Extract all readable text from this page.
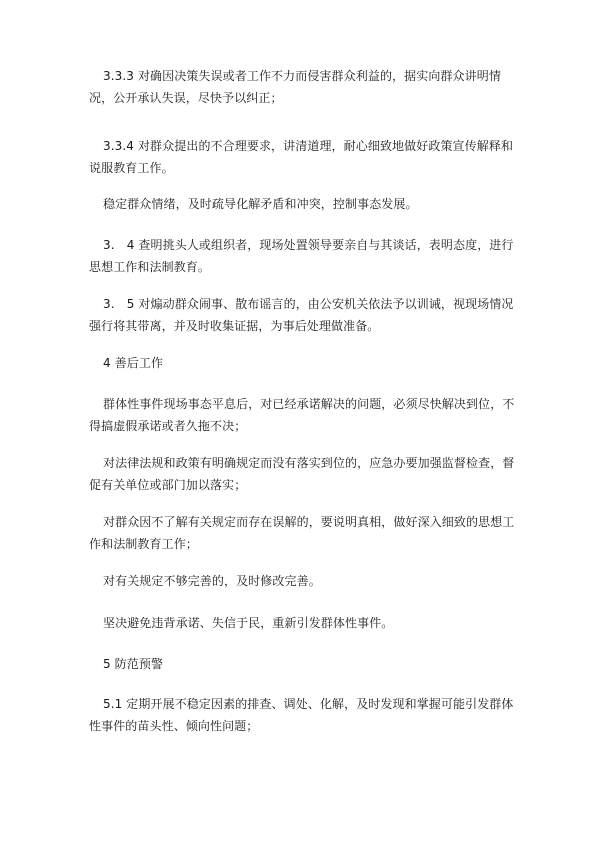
3.3.3 对确因决策失误或者工作不力而侵害群众利益的，据实向群众讲明情况，公开承认失误，尽快予以纠正；

3.3.4 对群众提出的不合理要求，讲清道理，耐心细致地做好政策宣传解释和说服教育工作。

稳定群众情绪，及时疏导化解矛盾和冲突，控制事态发展。

3.　4 查明挑头人或组织者，现场处置领导要亲自与其谈话，表明态度，进行思想工作和法制教育。

3.　5 对煽动群众闹事、散布谣言的，由公安机关依法予以训诫，视现场情况强行将其带离，并及时收集证据，为事后处理做准备。

4 善后工作

群体性事件现场事态平息后，对已经承诺解决的问题，必须尽快解决到位，不得搞虚假承诺或者久拖不决；

对法律法规和政策有明确规定而没有落实到位的，应急办要加强监督检查，督促有关单位或部门加以落实；

对群众因不了解有关规定而存在误解的，要说明真相，做好深入细致的思想工作和法制教育工作；

对有关规定不够完善的，及时修改完善。

坚决避免违背承诺、失信于民，重新引发群体性事件。

5 防范预警

5.1 定期开展不稳定因素的排查、调处、化解，及时发现和掌握可能引发群体性事件的苗头性、倾向性问题；
